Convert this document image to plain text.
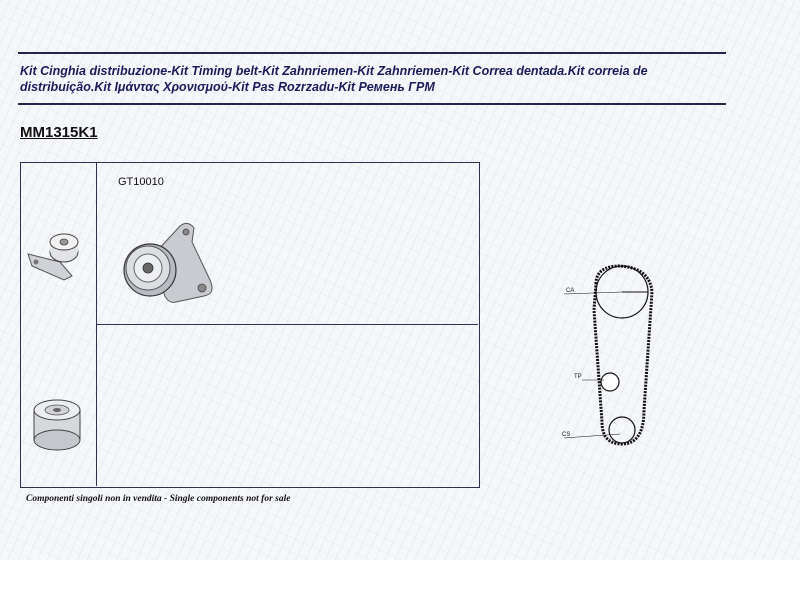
Kit Cinghia distribuzione-Kit Timing belt-Kit Zahnriemen-Kit Zahnriemen-Kit Correa dentada.Kit correia de distribuição.Kit Ιμάντας Χρονισμού-Kit Pas Rozrzadu-Kit Ремень ГРМ

MM1315K1
GT10010
CA
TP
CS
Componenti singoli non in vendita - Single components not for sale
